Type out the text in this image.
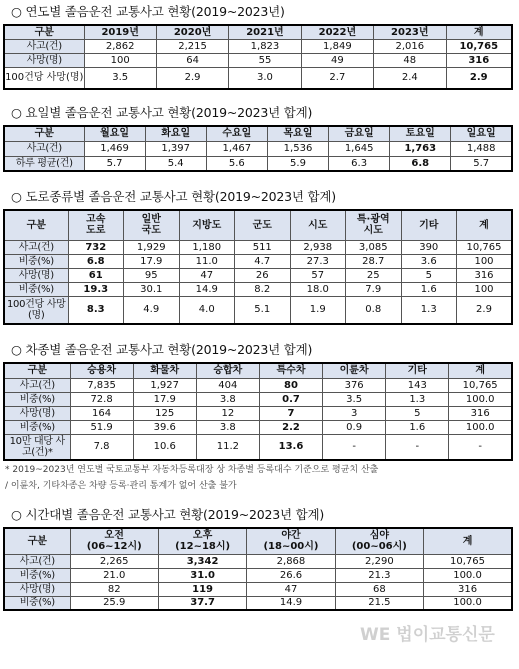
○ 연도별 졸음운전 교통사고 현황(2019~2023년)
구분	2019년	2020년	2021년	2022년	2023년	계
사고(건)	2,862	2,215	1,823	1,849	2,016	10,765
사망(명)	100	64	55	49	48	316
100건당 사망(명)	3.5	2.9	3.0	2.7	2.4	2.9
○ 요일별 졸음운전 교통사고 현황(2019~2023년 합계)
구분	월요일	화요일	수요일	목요일	금요일	토요일	일요일
사고(건)	1,469	1,397	1,467	1,536	1,645	1,763	1,488
하루 평균(건)	5.7	5.4	5.6	5.9	6.3	6.8	5.7
○ 도로종류별 졸음운전 교통사고 현황(2019~2023년 합계)
구분	고속 도로	일반 국도	지방도	군도	시도	특·광역 시도	기타	계
사고(건)	732	1,929	1,180	511	2,938	3,085	390	10,765
비중(%)	6.8	17.9	11.0	4.7	27.3	28.7	3.6	100
사망(명)	61	95	47	26	57	25	5	316
비중(%)	19.3	30.1	14.9	8.2	18.0	7.9	1.6	100
100건당 사망(명)	8.3	4.9	4.0	5.1	1.9	0.8	1.3	2.9
○ 차종별 졸음운전 교통사고 현황(2019~2023년 합계)
구분	승용차	화물차	승합차	특수차	이륜차	기타	계
사고(건)	7,835	1,927	404	80	376	143	10,765
비중(%)	72.8	17.9	3.8	0.7	3.5	1.3	100.0
사망(명)	164	125	12	7	3	5	316
비중(%)	51.9	39.6	3.8	2.2	0.9	1.6	100.0
10만 대당 사고(건)*	7.8	10.6	11.2	13.6	-	-	-
* 2019~2023년 연도별 국토교통부 자동차등록대장 상 차종별 등록대수 기준으로 평균치 산출
/ 이륜차, 기타차종은 차량 등록·관리 통계가 없어 산출 불가
○ 시간대별 졸음운전 교통사고 현황(2019~2023년 합계)
구분	오전 (06~12시)	오후 (12~18시)	야간 (18~00시)	심야 (00~06시)	계
사고(건)	2,265	3,342	2,868	2,290	10,765
비중(%)	21.0	31.0	26.6	21.3	100.0
사망(명)	82	119	47	68	316
비중(%)	25.9	37.7	14.9	21.5	100.0
WE 법이교통신문
